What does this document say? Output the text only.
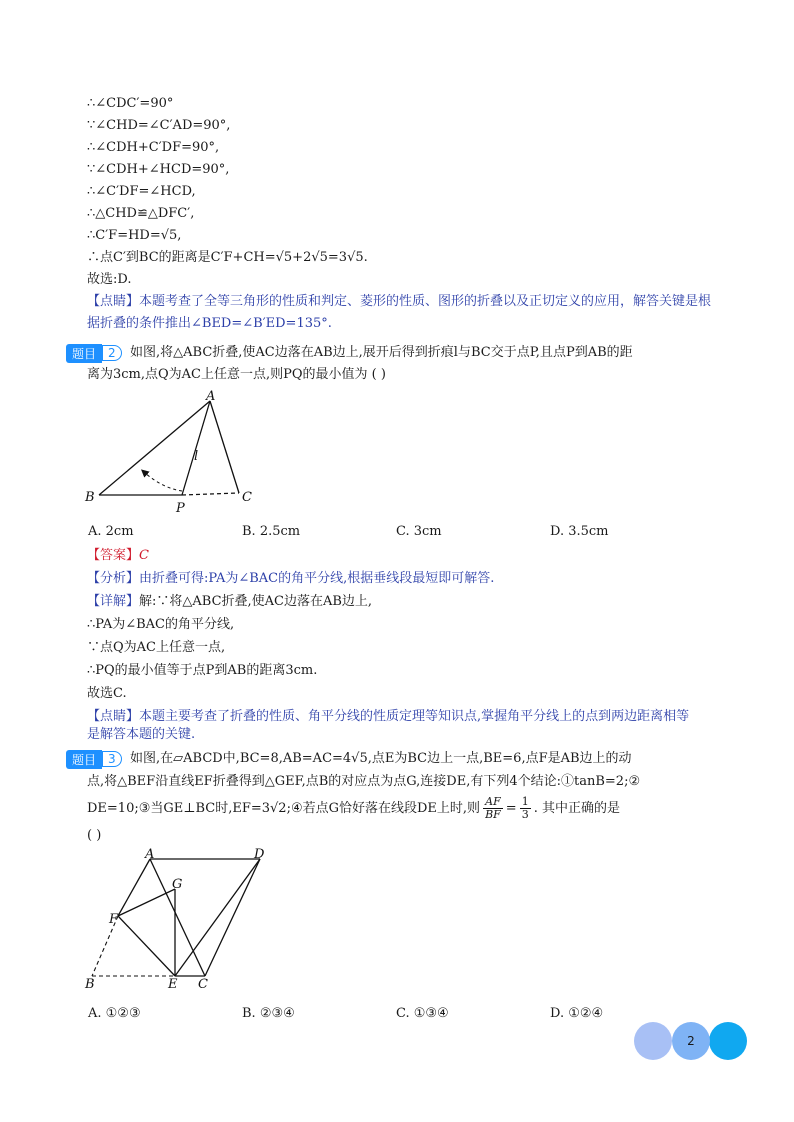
∴∠CDC′=90°
∵∠CHD=∠C′AD=90°,
∴∠CDH+C′DF=90°,
∵∠CDH+∠HCD=90°,
∴∠C′DF=∠HCD,
∴△CHD≌△DFC′,
∴C′F=HD=√5,
∴点C′到BC的距离是C′F+CH=√5+2√5=3√5.
故选:D.
【点睛】本题考查了全等三角形的性质和判定、菱形的性质、图形的折叠以及正切定义的应用，解答关键是根
据折叠的条件推出∠BED=∠B′ED=135°.
题目	2	如图,将△ABC折叠,使AC边落在AB边上,展开后得到折痕l与BC交于点P,且点P到AB的距
离为3cm,点Q为AC上任意一点,则PQ的最小值为 ( )
A
B	C
P
l
A. 2cm	B. 2.5cm	C. 3cm	D. 3.5cm
【答案】C
【分析】由折叠可得:PA为∠BAC的角平分线,根据垂线段最短即可解答.
【详解】解:∵将△ABC折叠,使AC边落在AB边上,
∴PA为∠BAC的角平分线,
∵点Q为AC上任意一点,
∴PQ的最小值等于点P到AB的距离3cm.
故选C.
【点睛】本题主要考查了折叠的性质、角平分线的性质定理等知识点,掌握角平分线上的点到两边距离相等
是解答本题的关键.
题目	3	如图,在▱ABCD中,BC=8,AB=AC=4√5,点E为BC边上一点,BE=6,点F是AB边上的动
点,将△BEF沿直线EF折叠得到△GEF,点B的对应点为点G,连接DE,有下列4个结论:①tanB=2;②
DE=10;③当GE⊥BC时,EF=3√2;④若点G恰好落在线段DE上时,则 $\frac{AF}{BF} = \frac{1}{3}$ . 其中正确的是
( )
A	D
G
F
B	E C
A. ①②③	B. ②③④	C. ①③④	D. ①②④
2
